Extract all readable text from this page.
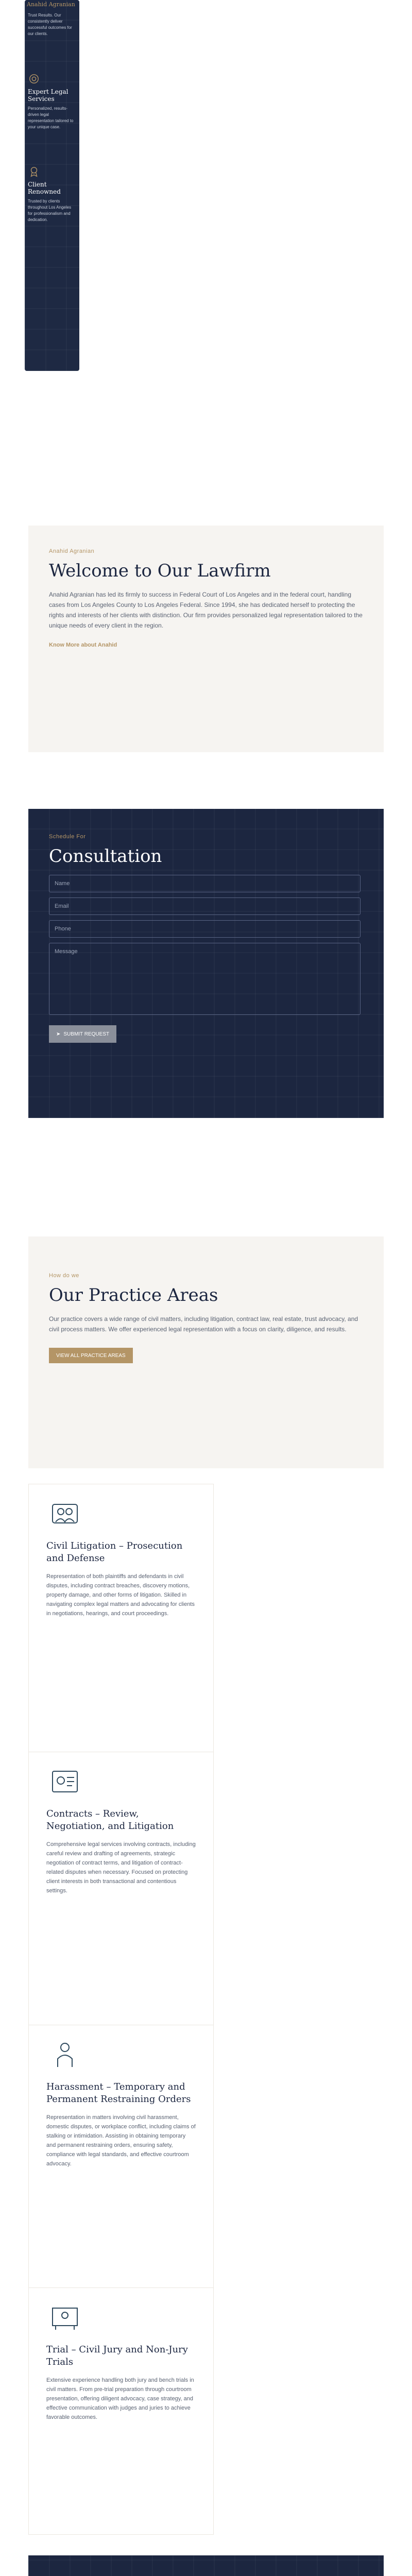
Anahid Agranian

Trust Results. Our consistently deliver successful outcomes for our clients.

Expert Legal Services

Personalized, results-driven legal representation tailored to your unique case.

Client Renowned

Trusted by clients throughout Los Angeles for professionalism and dedication.

Anahid Agranian
Welcome to Our Lawfirm

Anahid Agranian has led its firmly to success in Federal Court of Los Angeles and in the federal court, handling cases from Los Angeles County to Los Angeles Federal. Since 1994, she has dedicated herself to protecting the rights and interests of her clients with distinction. Our firm provides personalized legal representation tailored to the unique needs of every client in the region.

Know More about Anahid
Schedule For
Consultation
Name
Email
Phone
Message
➤ SUBMIT REQUEST
How do we
Our Practice Areas

Our practice covers a wide range of civil matters, including litigation, contract law, real estate, trust advocacy, and civil process matters. We offer experienced legal representation with a focus on clarity, diligence, and results.

VIEW ALL PRACTICE AREAS
Civil Litigation – Prosecution and Defense

Representation of both plaintiffs and defendants in civil disputes, including contract breaches, discovery motions, property damage, and other forms of litigation. Skilled in navigating complex legal matters and advocating for clients in negotiations, hearings, and court proceedings.

Contracts – Review, Negotiation, and Litigation

Comprehensive legal services involving contracts, including careful review and drafting of agreements, strategic negotiation of contract terms, and litigation of contract-related disputes when necessary. Focused on protecting client interests in both transactional and contentious settings.

Harassment – Temporary and Permanent Restraining Orders

Representation in matters involving civil harassment, domestic disputes, or workplace conflict, including claims of stalking or intimidation. Assisting in obtaining temporary and permanent restraining orders, ensuring safety, compliance with legal standards, and effective courtroom advocacy.

Trial – Civil Jury and Non-Jury Trials

Extensive experience handling both jury and bench trials in civil matters. From pre-trial preparation through courtroom presentation, offering diligent advocacy, case strategy, and effective communication with judges and juries to achieve favorable outcomes.
